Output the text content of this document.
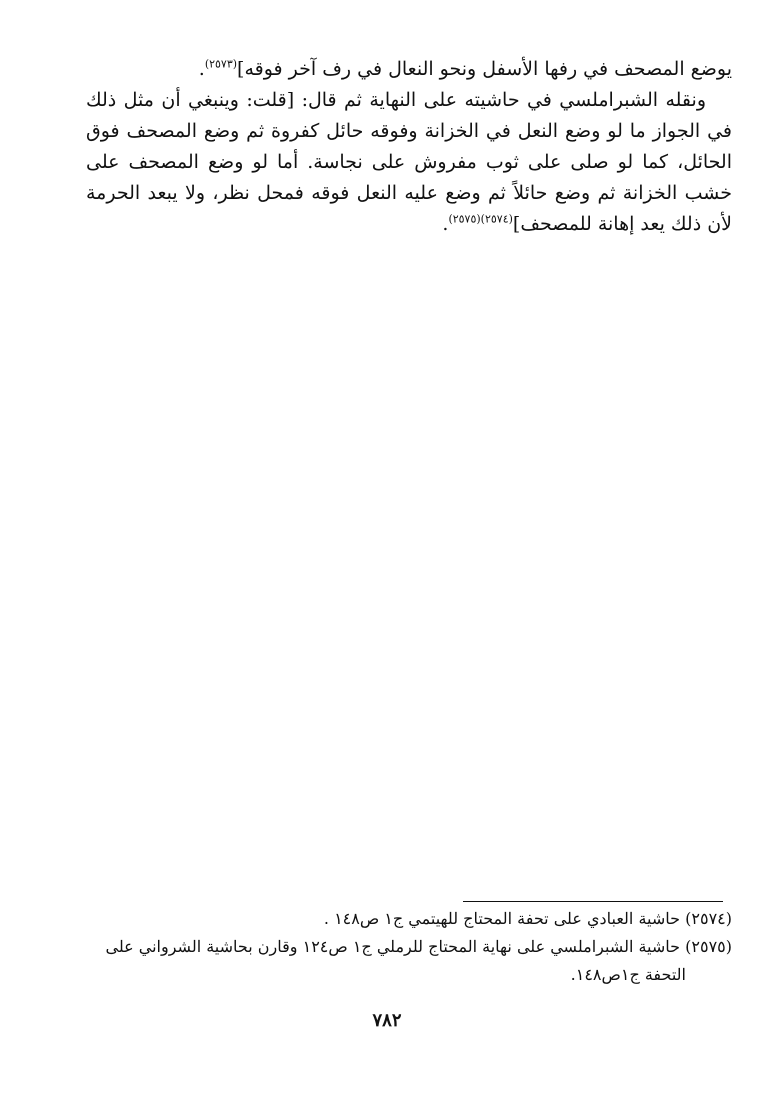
يوضع المصحف في رفها الأسفل ونحو النعال في رف آخر فوقه]$^{(٢٥٧٣)}$.

ونقله الشبراملسي في حاشيته على النهاية ثم قال: [قلت: وينبغي أن مثل ذلك في الجواز ما لو وضع النعل في الخزانة وفوقه حائل كفروة ثم وضع المصحف فوق الحائل، كما لو صلى على ثوب مفروش على نجاسة. أما لو وضع المصحف على خشب الخزانة ثم وضع حائلاً ثم وضع عليه النعل فوقه فمحل نظر، ولا يبعد الحرمة لأن ذلك يعد إهانة للمصحف]$^{(٢٥٧٤)(٢٥٧٥)}$.

(٢٥٧٤) حاشية العبادي على تحفة المحتاج للهيتمي ج١ ص١٤٨ .

(٢٥٧٥) حاشية الشبراملسي على نهاية المحتاج للرملي ج١ ص١٢٤ وقارن بحاشية الشرواني على

التحفة ج١ص١٤٨.

٧٨٢
